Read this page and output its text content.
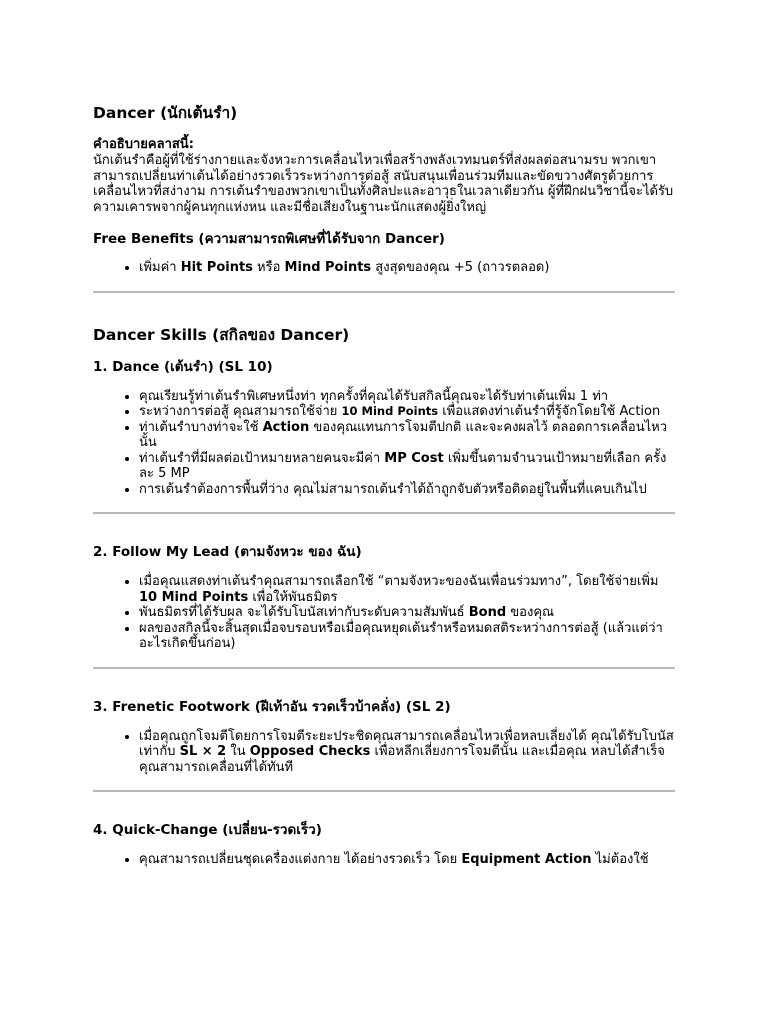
Dancer (นักเต้นรำ)
คำอธิบายคลาสนี้:

นักเต้นรำคือผู้ที่ใช้ร่างกายและจังหวะการเคลื่อนไหวเพื่อสร้างพลังเวทมนตร์ที่ส่งผลต่อสนามรบ พวกเขาสามารถเปลี่ยนท่าเต้นได้อย่างรวดเร็วระหว่างการต่อสู้ สนับสนุนเพื่อนร่วมทีมและขัดขวางศัตรูด้วยการเคลื่อนไหวที่สง่างาม การเต้นรำของพวกเขาเป็นทั้งศิลปะและอาวุธในเวลาเดียวกัน ผู้ที่ฝึกฝนวิชานี้จะได้รับความเคารพจากผู้คนทุกแห่งหน และมีชื่อเสียงในฐานะนักแสดงผู้ยิ่งใหญ่

Free Benefits (ความสามารถพิเศษที่ได้รับจาก Dancer)
• เพิ่มค่า Hit Points หรือ Mind Points สูงสุดของคุณ +5 (ถาวรตลอด)
Dancer Skills (สกิลของ Dancer)
1. Dance (เต้นรำ) (SL 10)
• คุณเรียนรู้ท่าเต้นรำพิเศษหนึ่งท่า ทุกครั้งที่คุณได้รับสกิลนี้คุณจะได้รับท่าเต้นเพิ่ม 1 ท่า
• ระหว่างการต่อสู้ คุณสามารถใช้จ่าย 10 Mind Points เพื่อแสดงท่าเต้นรำที่รู้จักโดยใช้ Action
• ท่าเต้นรำบางท่าจะใช้ Action ของคุณแทนการโจมตีปกติ และจะคงผลไว้ ตลอดการเคลื่อนไหวนั้น
• ท่าเต้นรำที่มีผลต่อเป้าหมายหลายคนจะมีค่า MP Cost เพิ่มขึ้นตามจำนวนเป้าหมายที่เลือก ครั้งละ 5 MP
• การเต้นรำต้องการพื้นที่ว่าง คุณไม่สามารถเต้นรำได้ถ้าถูกจับตัวหรือติดอยู่ในพื้นที่แคบเกินไป
2. Follow My Lead (ตามจังหวะ ของ ฉัน)
• เมื่อคุณแสดงท่าเต้นรำคุณสามารถเลือกใช้ “ตามจังหวะของฉันเพื่อนร่วมทาง”, โดยใช้จ่ายเพิ่ม 10 Mind Points เพื่อให้พันธมิตร
• พันธมิตรที่ได้รับผล จะได้รับโบนัสเท่ากับระดับความสัมพันธ์ Bond ของคุณ
• ผลของสกิลนี้จะสิ้นสุดเมื่อจบรอบหรือเมื่อคุณหยุดเต้นรำหรือหมดสติระหว่างการต่อสู้ (แล้วแต่ว่าอะไรเกิดขึ้นก่อน)
3. Frenetic Footwork (ฝีเท้าอัน รวดเร็วบ้าคลั่ง) (SL 2)
• เมื่อคุณถูกโจมตีโดยการโจมตีระยะประชิดคุณสามารถเคลื่อนไหวเพื่อหลบเลี่ยงได้ คุณได้รับโบนัสเท่ากับ SL × 2 ใน Opposed Checks เพื่อหลีกเลี่ยงการโจมตีนั้น และเมื่อคุณ หลบได้สำเร็จ คุณสามารถเคลื่อนที่ได้ทันที
4. Quick-Change (เปลี่ยน-รวดเร็ว)
• คุณสามารถเปลี่ยนชุดเครื่องแต่งกาย ได้อย่างรวดเร็ว โดย Equipment Action ไม่ต้องใช้
